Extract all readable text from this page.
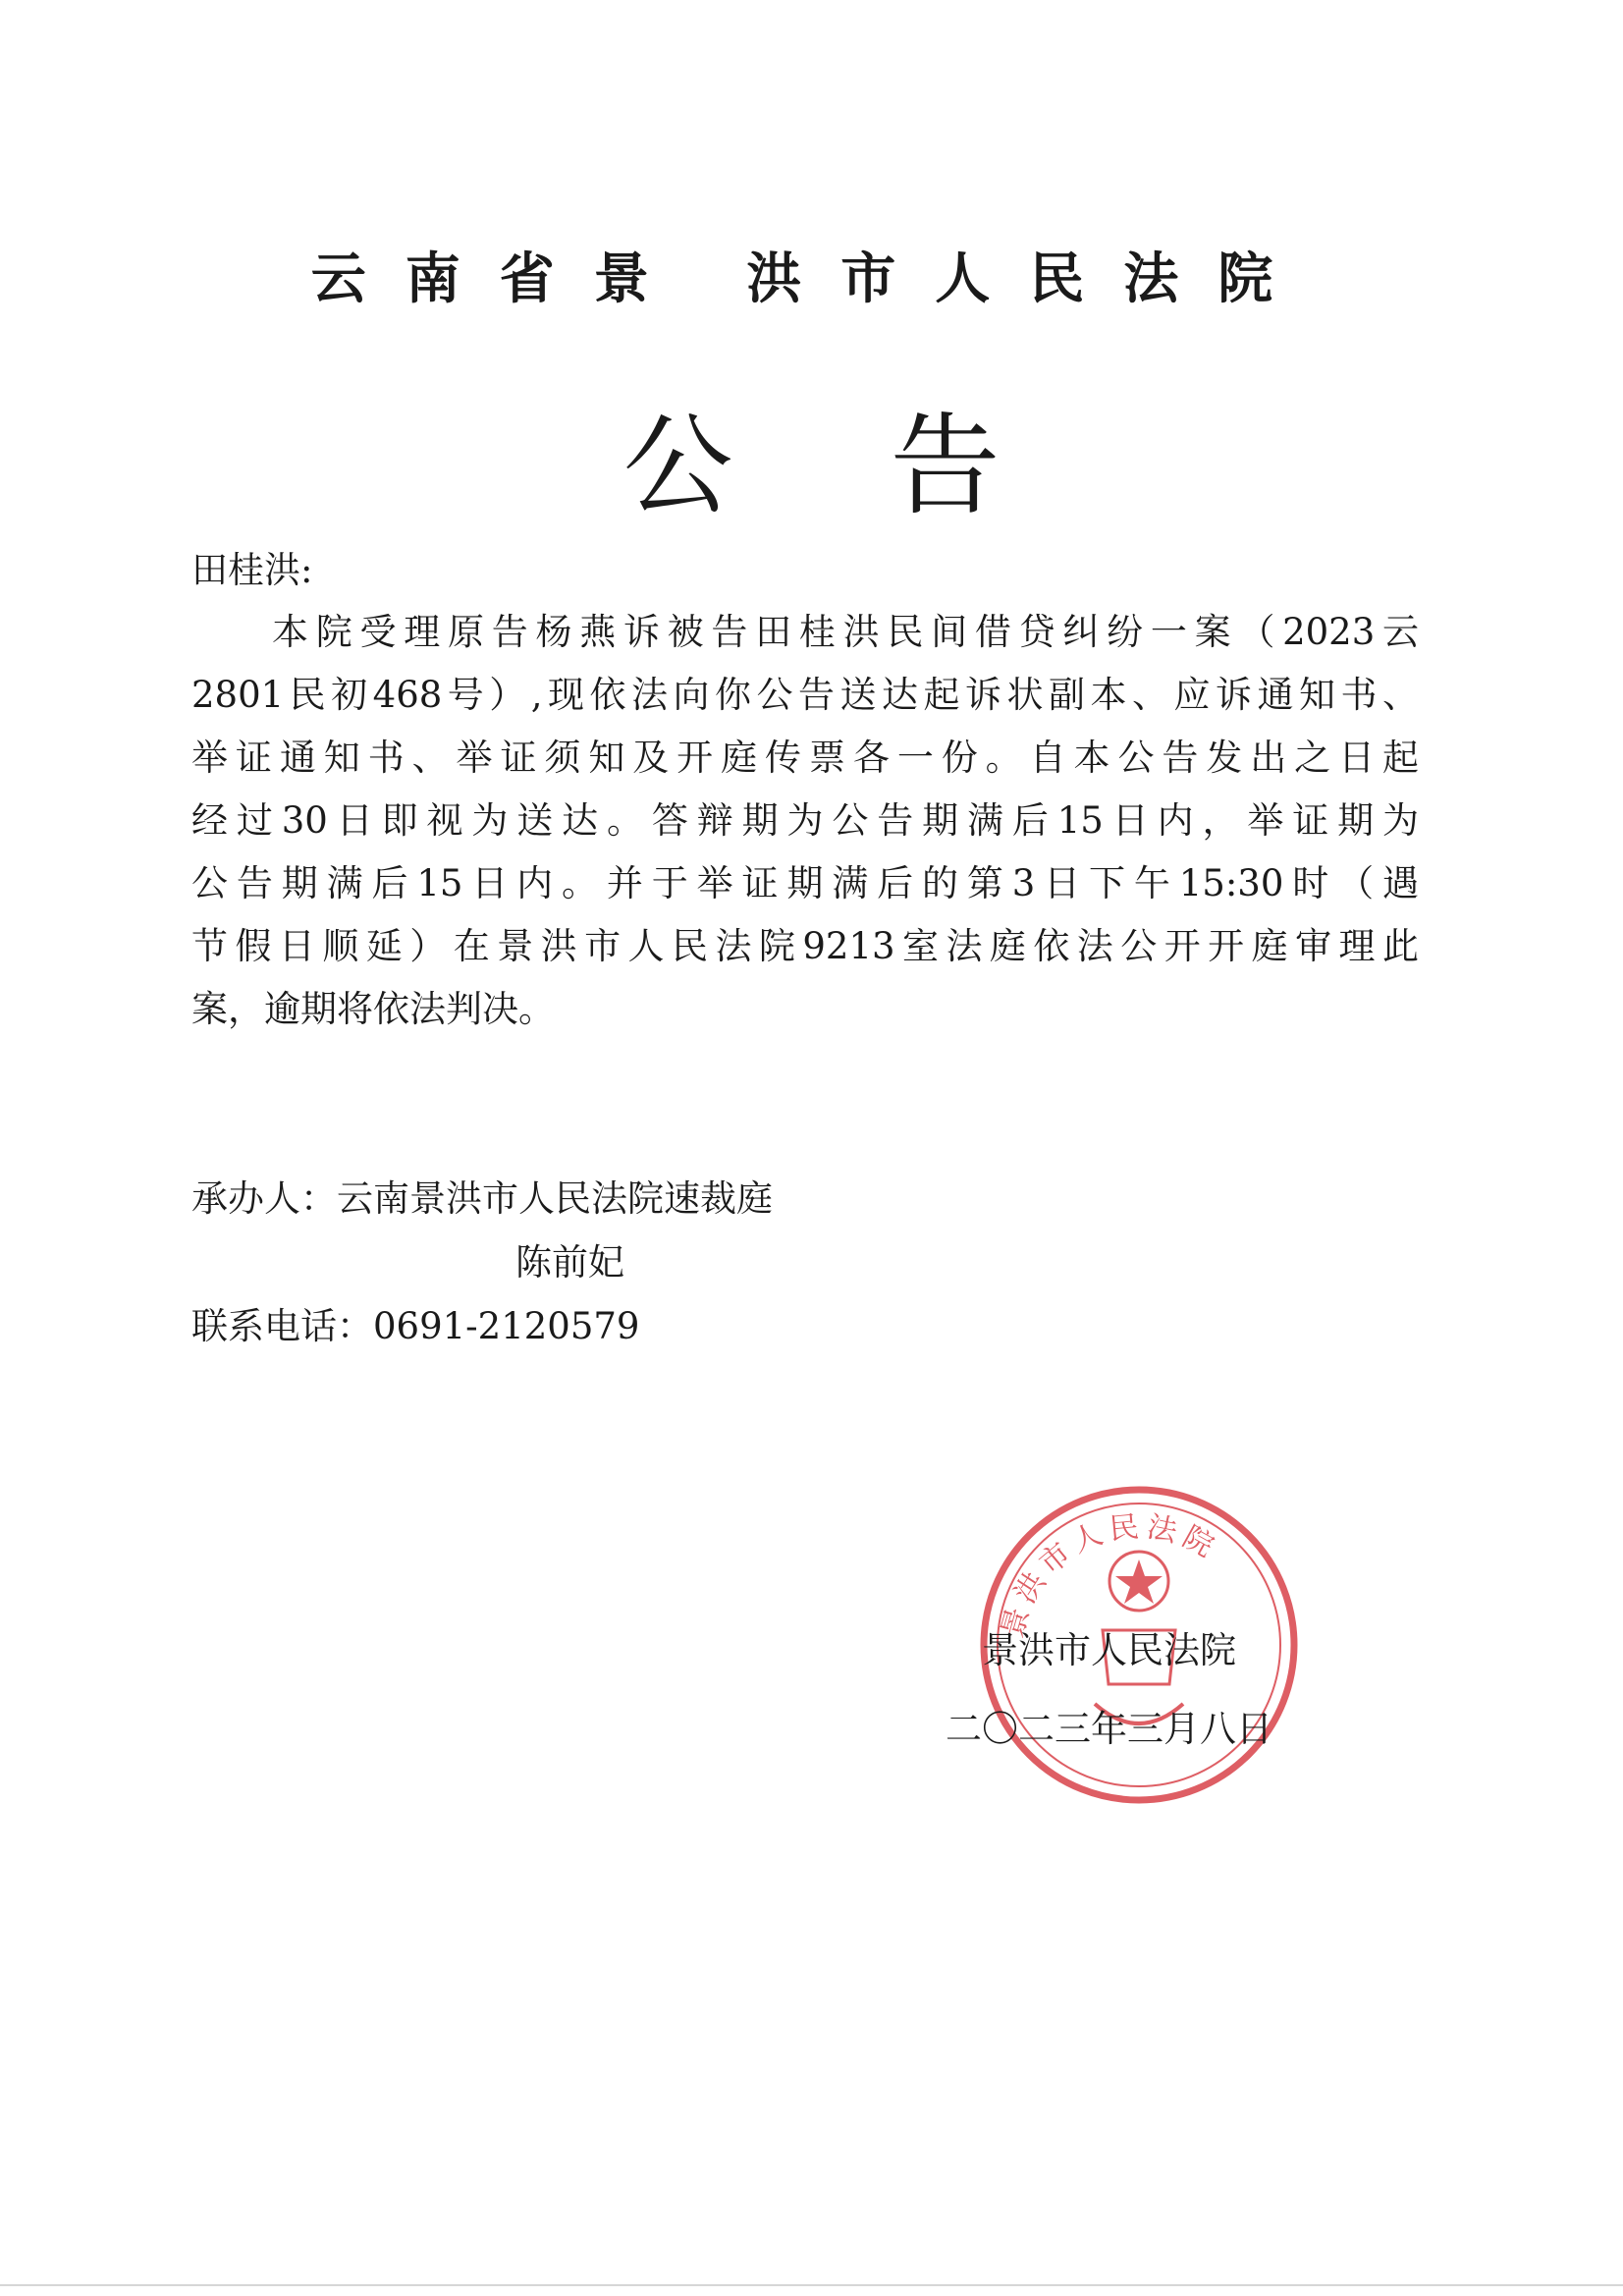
云南省景 洪市人民法院
公告
田桂洪:
本院受理原告杨燕诉被告田桂洪民间借贷纠纷一案（2023云
2801民初468号）,现依法向你公告送达起诉状副本、应诉通知书、
举证通知书、举证须知及开庭传票各一份。自本公告发出之日起
经过30日即视为送达。答辩期为公告期满后15日内，举证期为
公告期满后15日内。并于举证期满后的第3日下午15:30时（遇
节假日顺延）在景洪市人民法院9213室法庭依法公开开庭审理此
案，逾期将依法判决。
承办人：云南景洪市人民法院速裁庭
陈前妃
联系电话：0691-2120579
景洪市人民法院
景洪市人民法院
二〇二三年三月八日
